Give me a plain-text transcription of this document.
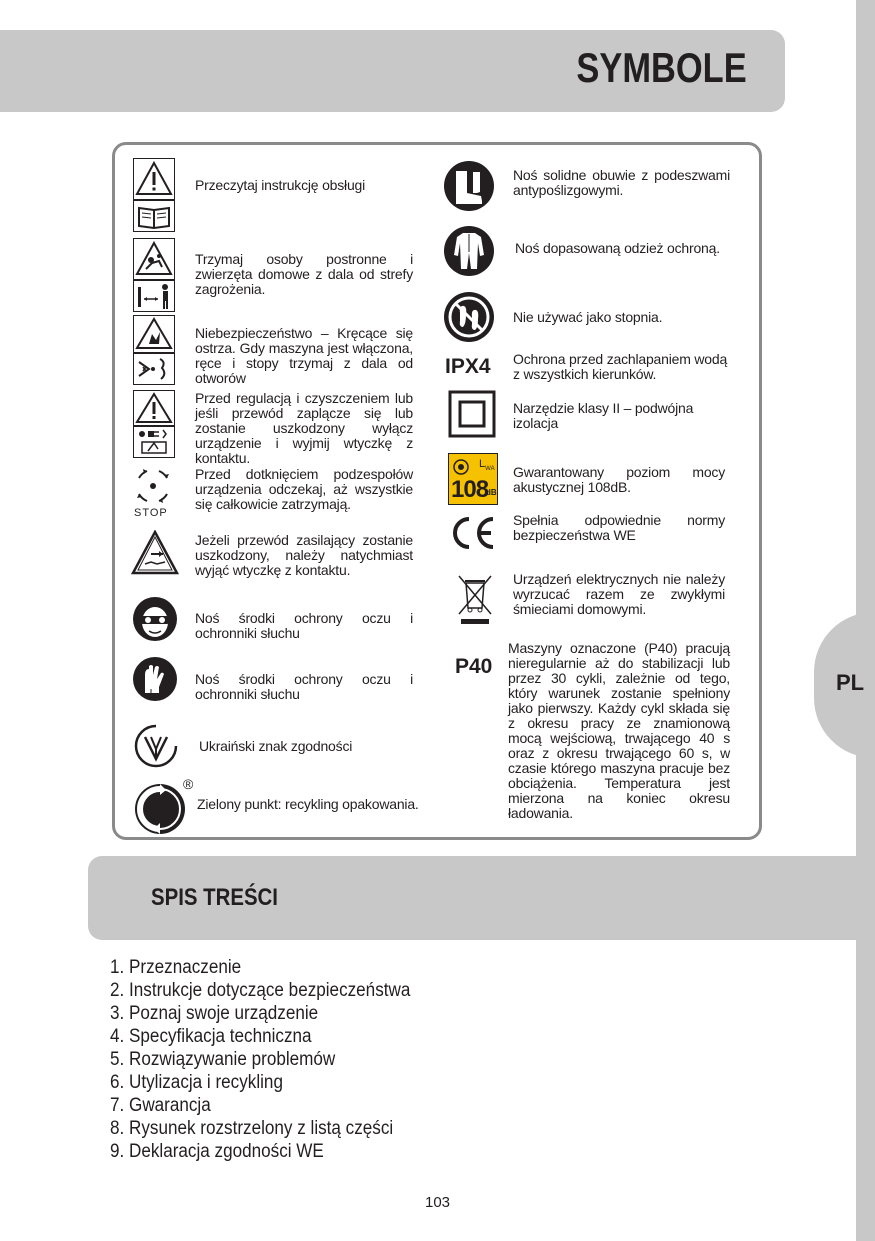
PL
SYMBOLE
Przeczytaj instrukcję obsługi
Trzymaj osoby postronne i zwierzęta domowe z dala od strefy zagrożenia.
Niebezpieczeństwo – Kręcące się ostrza. Gdy maszyna jest włączona, ręce i stopy trzymaj z dala od otworów
Przed regulacją i czyszczeniem lub jeśli przewód zaplącze się lub zostanie uszkodzony wyłącz urządzenie i wyjmij wtyczkę z kontaktu.
STOP
Przed dotknięciem podzespołów urządzenia odczekaj, aż wszystkie się całkowicie zatrzymają.
Jeżeli przewód zasilający zostanie uszkodzony, należy natychmiast wyjąć wtyczkę z kontaktu.
Noś środki ochrony oczu i ochronniki słuchu
Noś środki ochrony oczu i ochronniki słuchu
Ukraiński znak zgodności
®
Zielony punkt: recykling opakowania.
Noś solidne obuwie z podeszwami antypoślizgowymi.
Noś dopasowaną odzież ochroną.
Nie używać jako stopnia.
IPX4	Ochrona przed zachlapaniem wodą z wszystkich kierunków.
Narzędzie klasy II – podwójna izolacja
$L_{WA}$
108
dB
Gwarantowany poziom mocy akustycznej 108dB.
Spełnia odpowiednie normy bezpieczeństwa WE
Urządzeń elektrycznych nie należy wyrzucać razem ze zwykłymi śmieciami domowymi.
P40
Maszyny oznaczone (P40) pracują nieregularnie aż do stabilizacji lub przez 30 cykli, zależnie od tego, który warunek zostanie spełniony jako pierwszy. Każdy cykl składa się z okresu pracy ze znamionową mocą wejściową, trwającego 40 s oraz z okresu trwającego 60 s, w czasie którego maszyna pracuje bez obciążenia. Temperatura jest mierzona na koniec okresu ładowania.
SPIS TREŚCI
1. Przeznaczenie
2. Instrukcje dotyczące bezpieczeństwa
3. Poznaj swoje urządzenie
4. Specyfikacja techniczna
5. Rozwiązywanie problemów
6. Utylizacja i recykling
7. Gwarancja
8. Rysunek rozstrzelony z listą części
9. Deklaracja zgodności WE
103
